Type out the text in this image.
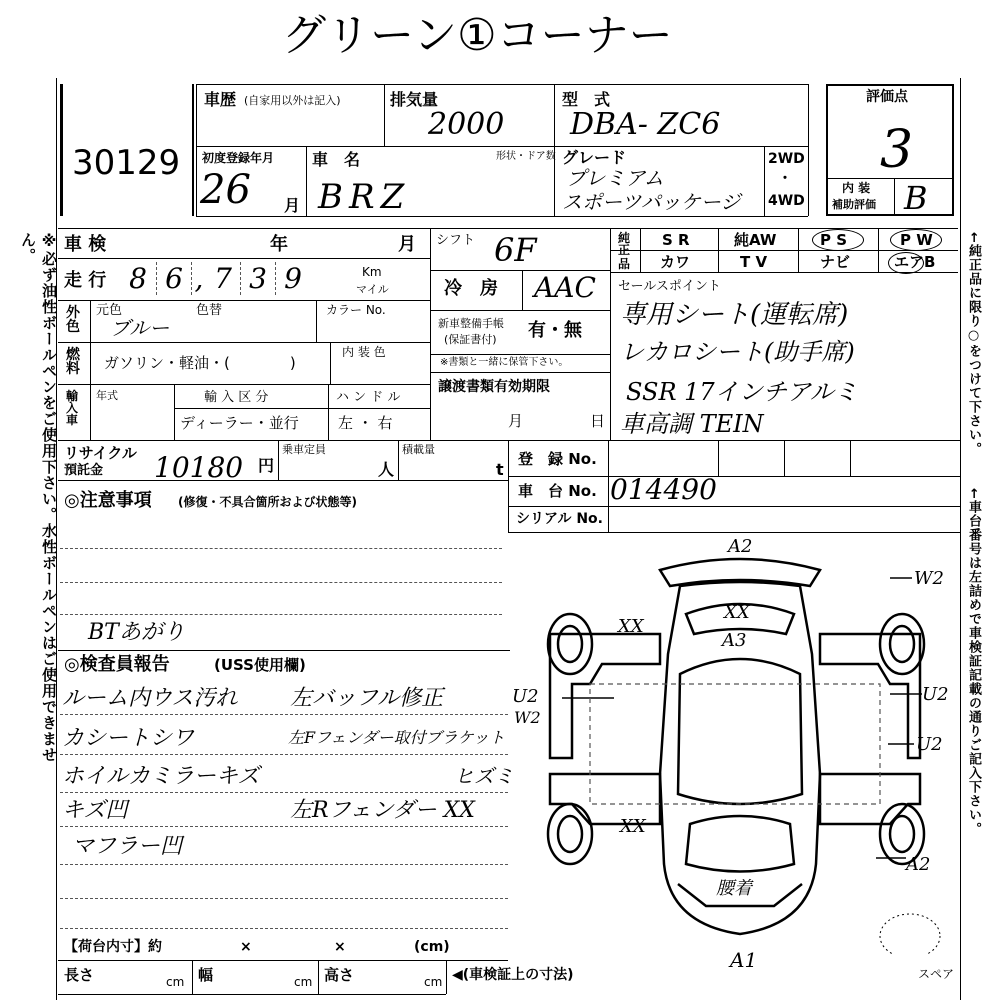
グリーン①コーナー
※必ず油性ボールペンをご使用下さい。水性ボールペンはご使用できません。	←純正品に限り○をつけて下さい。
←車台番号は左詰めで車検証記載の通りご記入下さい。
30129
車歴 (自家用以外は記入)	排気量
2000
型　式
DBA- ZC6
初度登録年月
26 月
車　名
BRZ
形状・ドア数 グレード
プレミアム
スポーツパッケージ
2WD
・
4WD
評価点
3
内 装
補助評価 B
車 検	年	月
走 行 8 6 , 7 3 9	Km
マイル
外色
元色	色替
ブルー
カラー No.
燃料 ガソリン・軽油・(　　　　)
内 装 色
輸入車
年式	輸 入 区 分
ディーラー・並行
ハ ン ド ル
左 ・ 右
シフト 6F
冷　房 AAC
新車整備手帳
(保証書付) 有・無
※書類と一緒に保管下さい。
譲渡書類有効期限
月	日
純正
品
S R	純AW	P S	P W
カワ	T V	ナビ	エアB
セールスポイント
専用シート(運転席)
レカロシート(助手席)
SSR 17インチアルミ
車高調 TEIN
リサイクル
預託金 10180 円
乗車定員
人
積載量
t
登　録 No.
車　台 No. 014490
シリアル No.
◎注意事項 (修復・不具合箇所および状態等)
BTあがり
◎検査員報告	(USS使用欄)
ルーム内ウス汚れ
カシートシワ
ホイルカミラーキズ
キズ凹
マフラー凹
左バッフル修正
左Fフェンダー取付ブラケット
ヒズミ
左Rフェンダー XX
A2
W2
XX
XX
A3
U2
W2
U2
U2
XX
A2
腰着
A1
スペア
【荷台内寸】約	×	×	(cm)
長さ	cm 幅	cm 高さ	cm ◀(車検証上の寸法)
